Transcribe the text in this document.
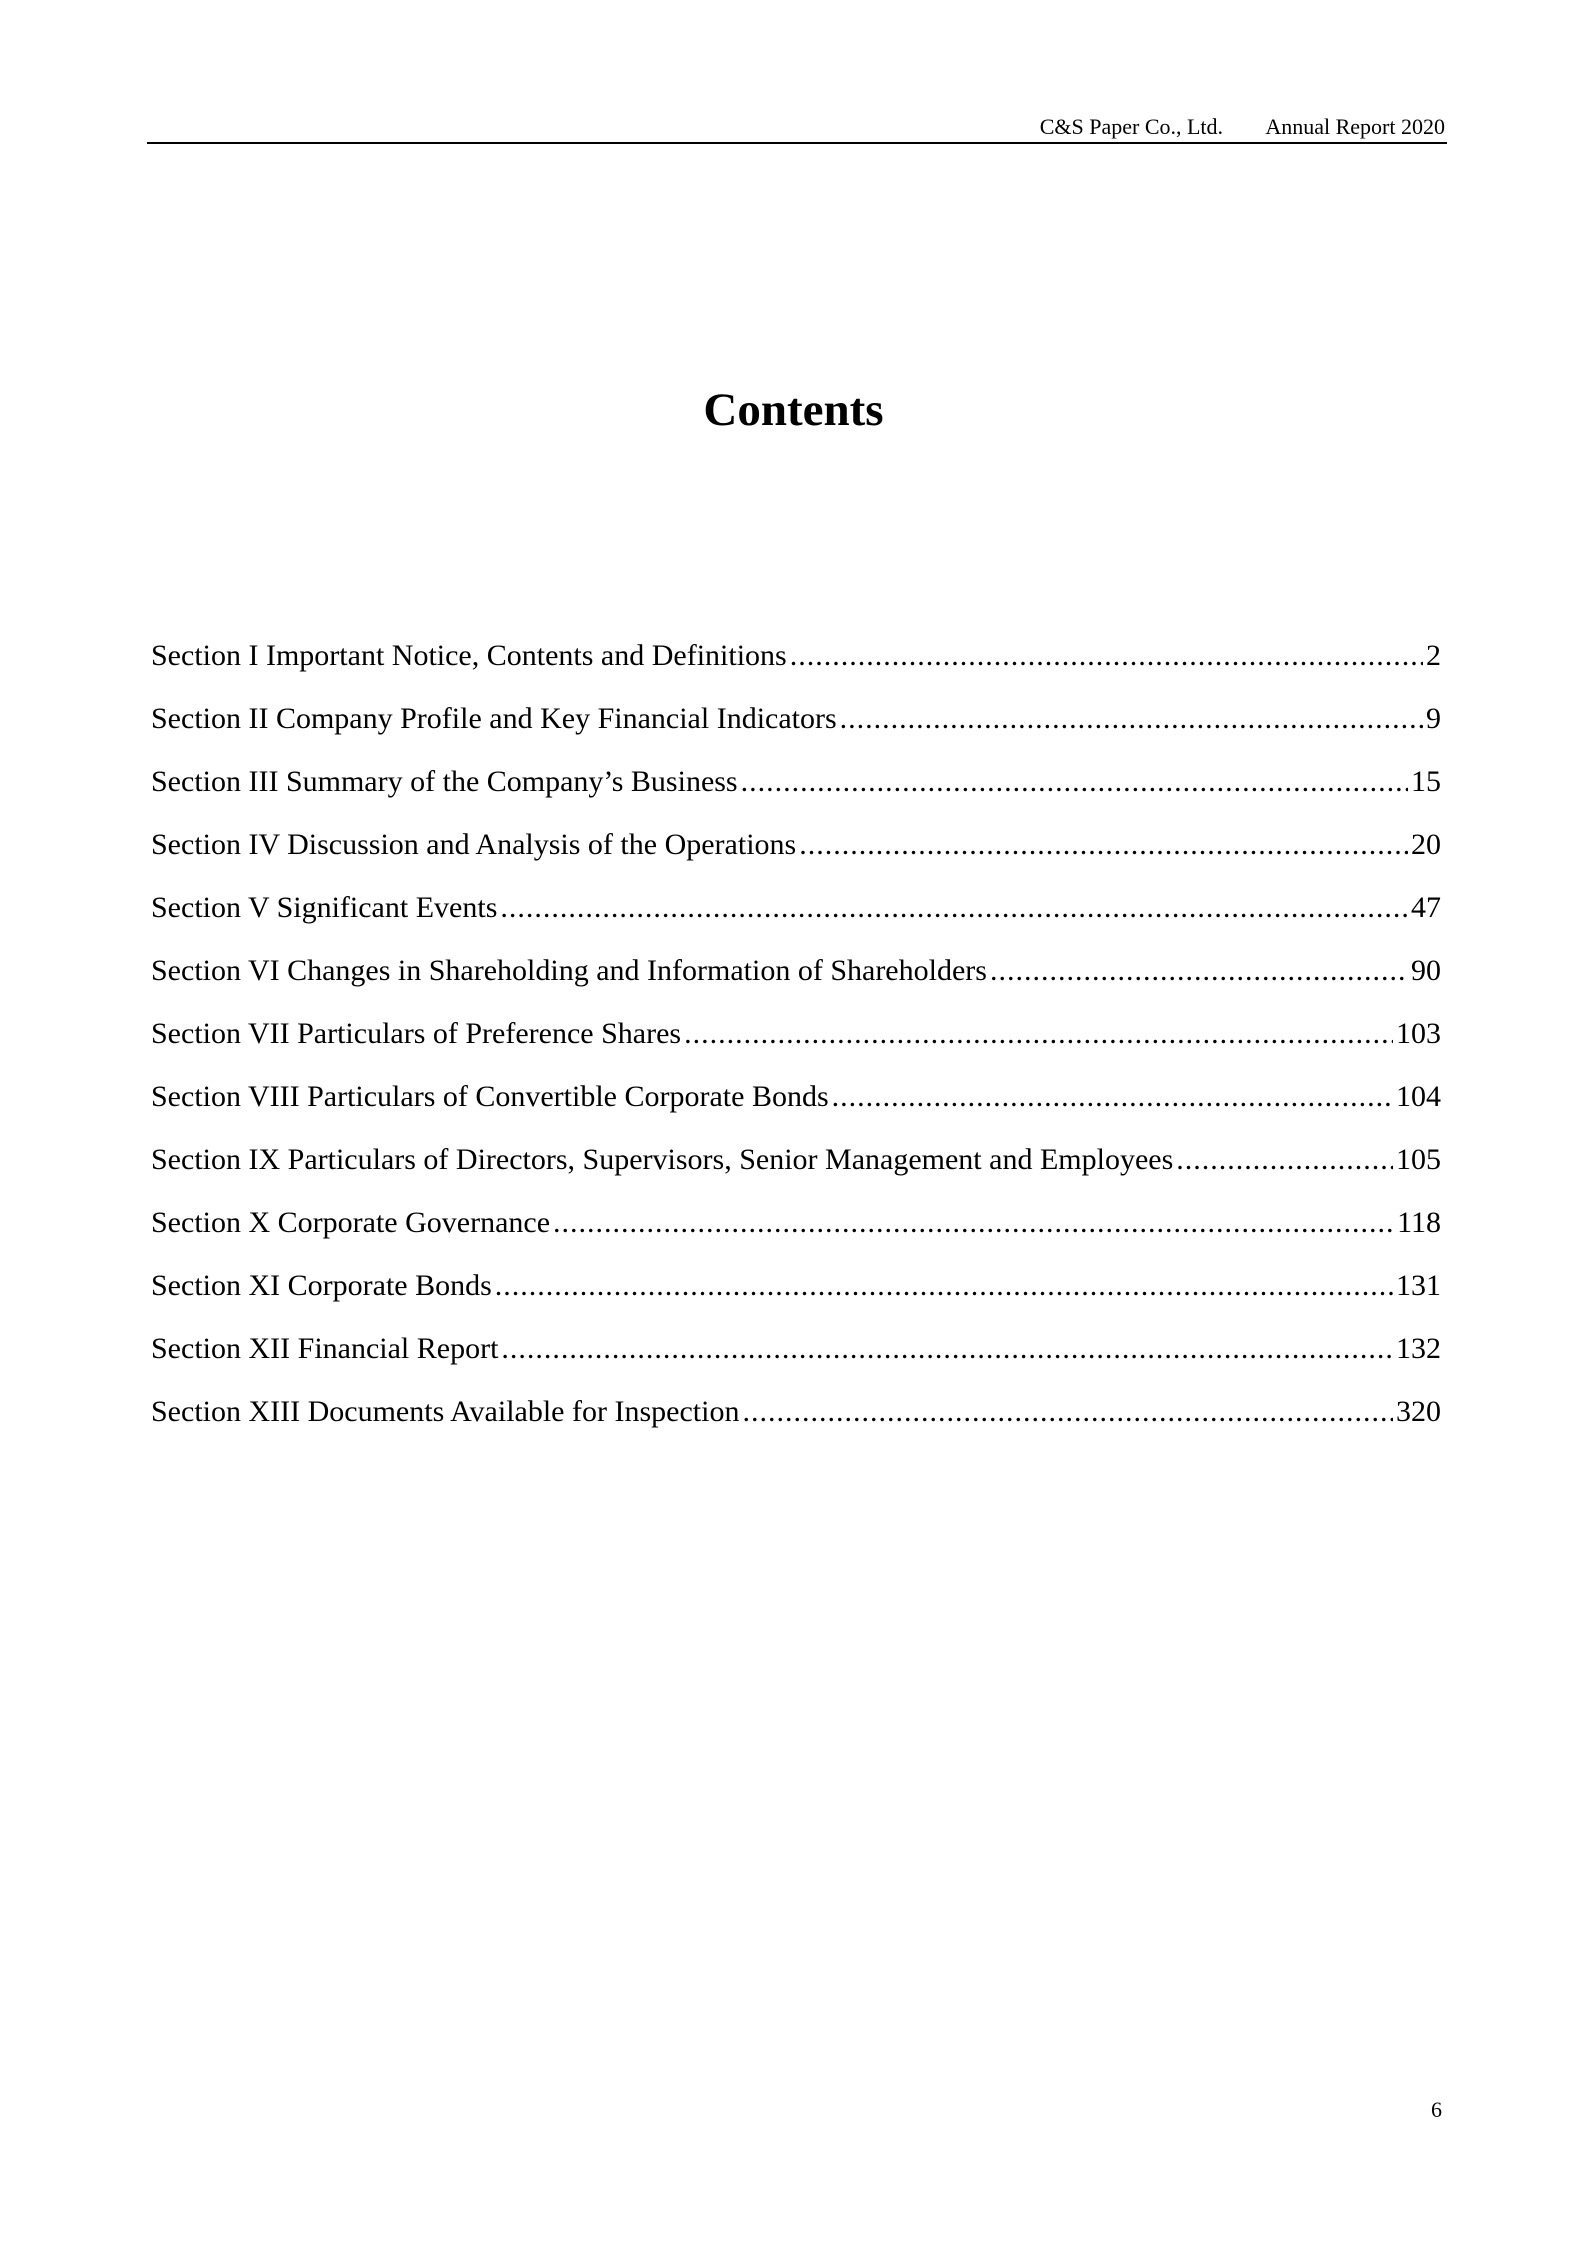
C&S Paper Co., Ltd. Annual Report 2020
Contents
Section I Important Notice, Contents and Definitions .....	2
Section II Company Profile and Key Financial Indicators .....	9
Section III Summary of the Company’s Business .....	15
Section IV Discussion and Analysis of the Operations .....	20
Section V Significant Events .....	47
Section VI Changes in Shareholding and Information of Shareholders .....	90
Section VII Particulars of Preference Shares .....	103
Section VIII Particulars of Convertible Corporate Bonds .....	104
Section IX Particulars of Directors, Supervisors, Senior Management and Employees .....	105
Section X Corporate Governance .....	118
Section XI Corporate Bonds .....	131
Section XII Financial Report .....	132
Section XIII Documents Available for Inspection .....	320
6
